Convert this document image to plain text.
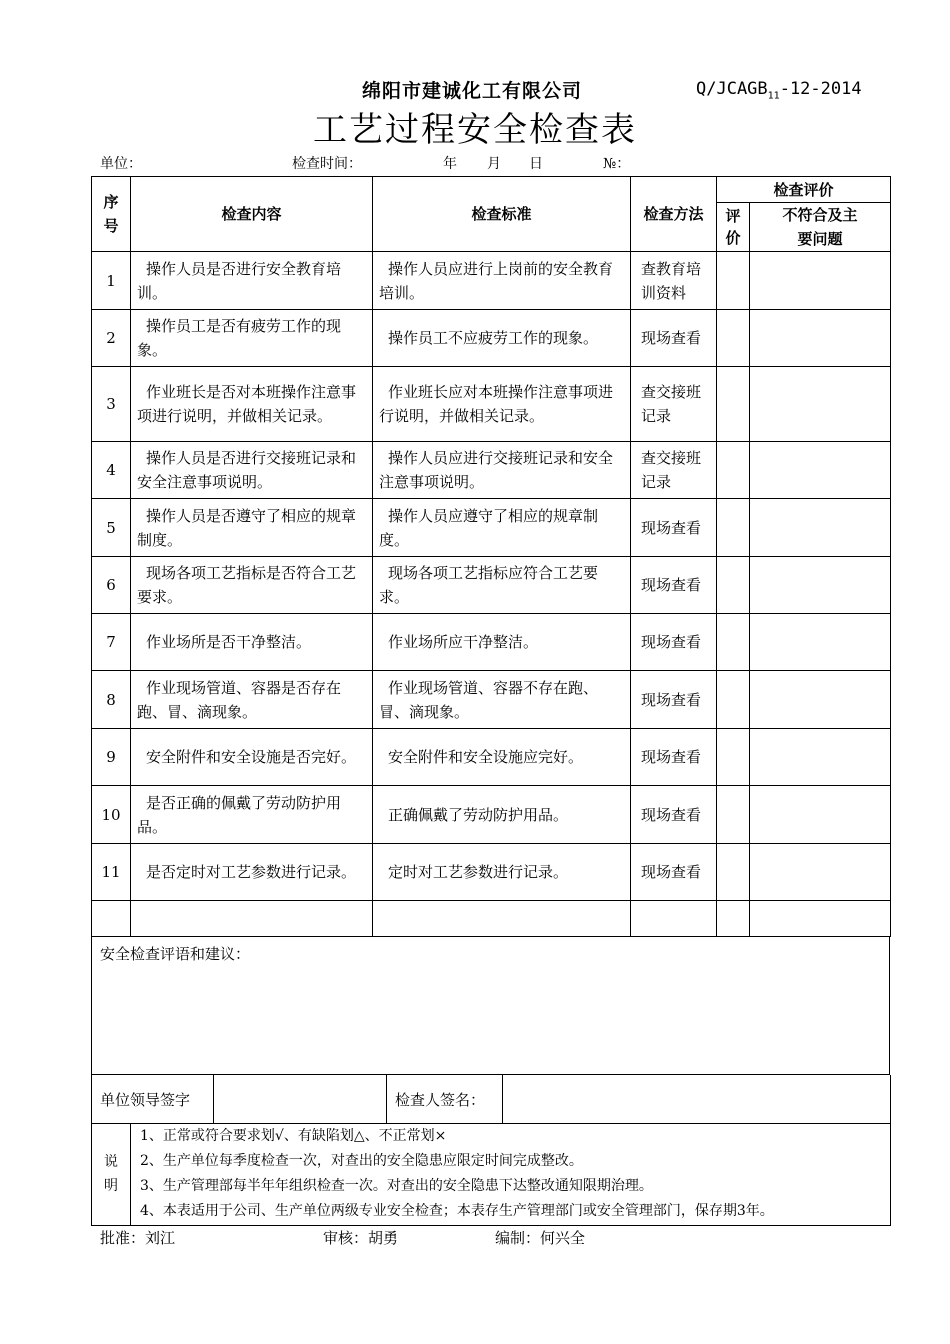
绵阳市建诚化工有限公司	$Q/JCAGB_{11}-12-2014$
工艺过程安全检查表
单位：	检查时间：	年 月 日	№：
序号	检查内容	检查标准	检查方法	检查评价	
				评价	不符合及主要问题
1	操作人员是否进行安全教育培训。	操作人员应进行上岗前的安全教育培训。	查教育培训资料		
2	操作员工是否有疲劳工作的现象。	操作员工不应疲劳工作的现象。	现场查看		
3	作业班长是否对本班操作注意事项进行说明，并做相关记录。	作业班长应对本班操作注意事项进行说明，并做相关记录。	查交接班记录		
4	操作人员是否进行交接班记录和安全注意事项说明。	操作人员应进行交接班记录和安全注意事项说明。	查交接班记录		
5	操作人员是否遵守了相应的规章制度。	操作人员应遵守了相应的规章制度。	现场查看		
6	现场各项工艺指标是否符合工艺要求。	现场各项工艺指标应符合工艺要求。	现场查看		
7	作业场所是否干净整洁。	作业场所应干净整洁。	现场查看		
8	作业现场管道、容器是否存在跑、冒、滴现象。	作业现场管道、容器不存在跑、冒、滴现象。	现场查看		
9	安全附件和安全设施是否完好。	安全附件和安全设施应完好。	现场查看		
10	是否正确的佩戴了劳动防护用品。	正确佩戴了劳动防护用品。	现场查看		
11	是否定时对工艺参数进行记录。	定时对工艺参数进行记录。	现场查看		

安全检查评语和建议：
单位领导签字		检查人签名：	
说明	
1、正常或符合要求划√、有缺陷划△、不正常划×
2、生产单位每季度检查一次，对查出的安全隐患应限定时间完成整改。
3、生产管理部每半年年组织检查一次。对查出的安全隐患下达整改通知限期治理。
4、本表适用于公司、生产单位两级专业安全检查；本表存生产管理部门或安全管理部门，保存期3年。
批准：刘江	审核：胡勇	编制：何兴全
